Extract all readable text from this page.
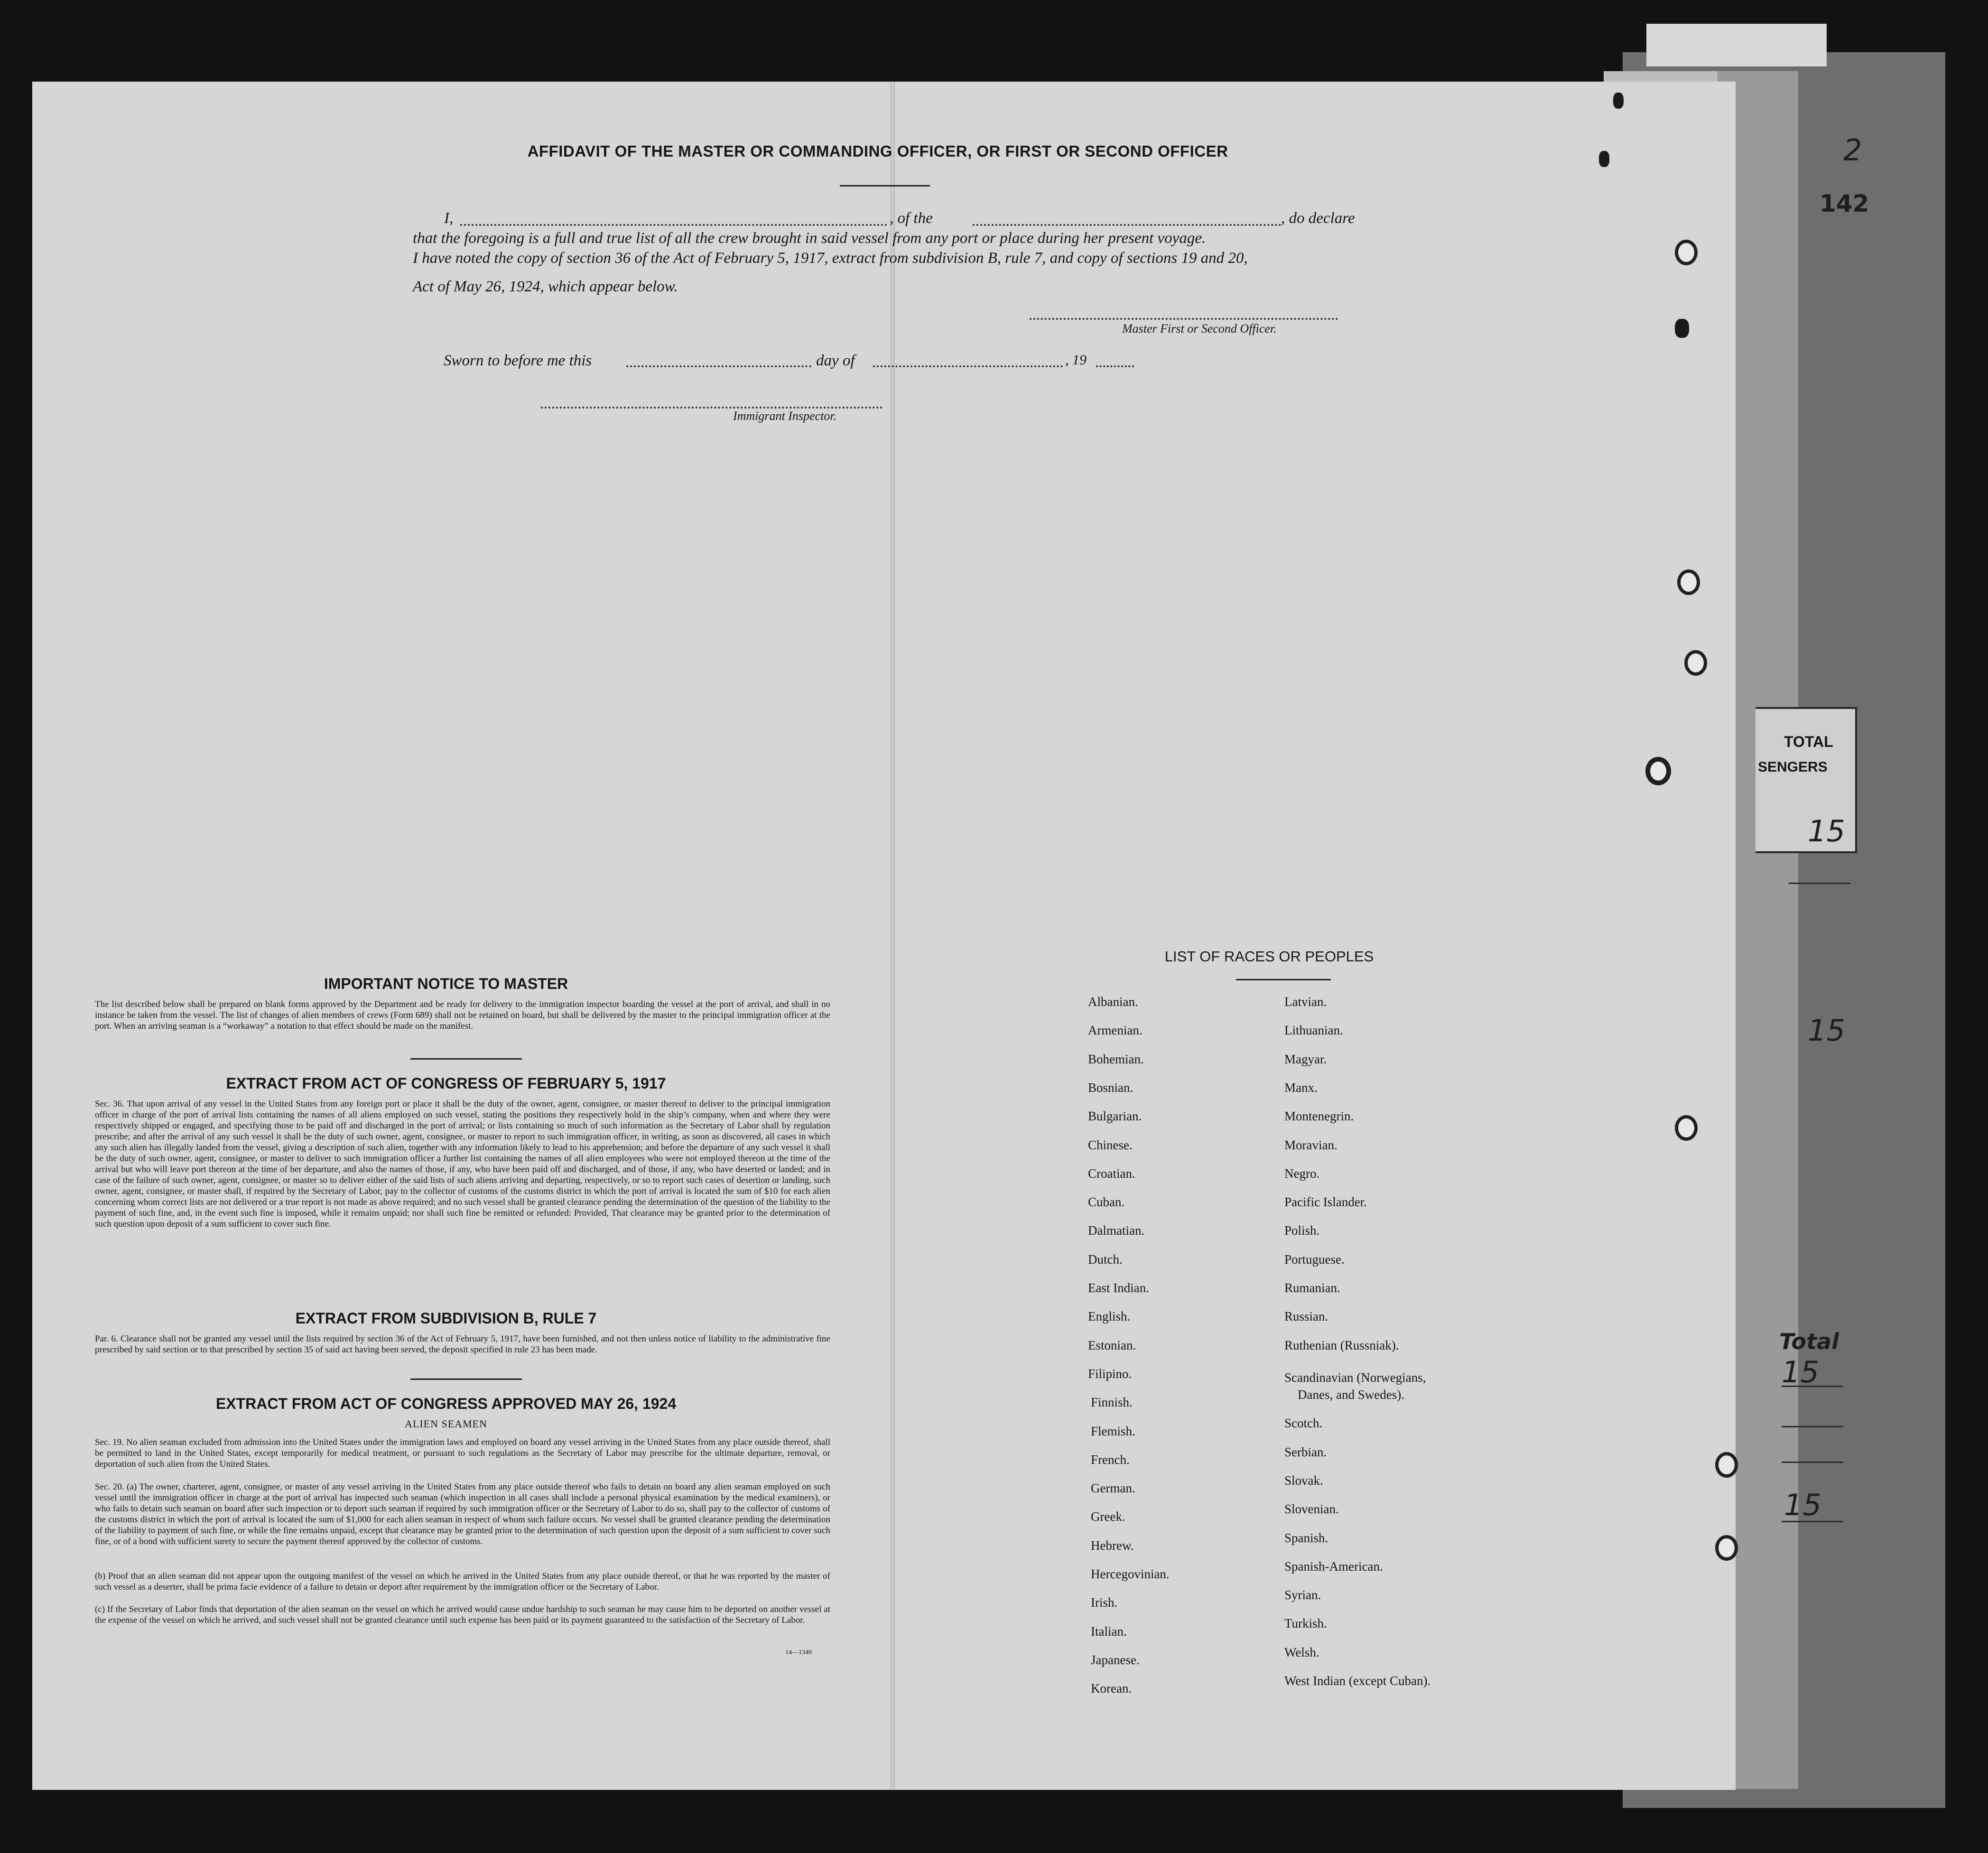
142
2
TOTAL
SENGERS
15
15
Total
15
15
AFFIDAVIT OF THE MASTER OR COMMANDING OFFICER, OR FIRST OR SECOND OFFICER
I,	, of the	, do declare
that the foregoing is a full and true list of all the crew brought in said vessel from any port or place during her present voyage.
I have noted the copy of section 36 of the Act of February 5, 1917, extract from subdivision B, rule 7, and copy of sections 19 and 20,
Act of May 26, 1924, which appear below.
Master First or Second Officer.
Sworn to before me this	day of	, 19
Immigrant Inspector.
IMPORTANT NOTICE TO MASTER
The list described below shall be prepared on blank forms approved by the Department and be ready for delivery to the immigration inspector boarding the vessel at the port of arrival, and shall in no instance be taken from the vessel. The list of changes of alien members of crews (Form 689) shall not be retained on board, but shall be delivered by the master to the principal immigration officer at the port. When an arriving seaman is a “workaway” a notation to that effect should be made on the manifest.
EXTRACT FROM ACT OF CONGRESS OF FEBRUARY 5, 1917
Sec. 36. That upon arrival of any vessel in the United States from any foreign port or place it shall be the duty of the owner, agent, consignee, or master thereof to deliver to the principal immigration officer in charge of the port of arrival lists containing the names of all aliens employed on such vessel, stating the positions they respectively hold in the ship’s company, when and where they were respectively shipped or engaged, and specifying those to be paid off and discharged in the port of arrival; or lists containing so much of such information as the Secretary of Labor shall by regulation prescribe; and after the arrival of any such vessel it shall be the duty of such owner, agent, consignee, or master to report to such immigration officer, in writing, as soon as discovered, all cases in which any such alien has illegally landed from the vessel, giving a description of such alien, together with any information likely to lead to his apprehension; and before the departure of any such vessel it shall be the duty of such owner, agent, consignee, or master to deliver to such immigration officer a further list containing the names of all alien employees who were not employed thereon at the time of the arrival but who will leave port thereon at the time of her departure, and also the names of those, if any, who have been paid off and discharged, and of those, if any, who have deserted or landed; and in case of the failure of such owner, agent, consignee, or master so to deliver either of the said lists of such aliens arriving and departing, respectively, or so to report such cases of desertion or landing, such owner, agent, consignee, or master shall, if required by the Secretary of Labor, pay to the collector of customs of the customs district in which the port of arrival is located the sum of $10 for each alien concerning whom correct lists are not delivered or a true report is not made as above required; and no such vessel shall be granted clearance pending the determination of the question of the liability to the payment of such fine, and, in the event such fine is imposed, while it remains unpaid; nor shall such fine be remitted or refunded: Provided, That clearance may be granted prior to the determination of such question upon deposit of a sum sufficient to cover such fine.
EXTRACT FROM SUBDIVISION B, RULE 7
Par. 6. Clearance shall not be granted any vessel until the lists required by section 36 of the Act of February 5, 1917, have been furnished, and not then unless notice of liability to the administrative fine prescribed by said section or to that prescribed by section 35 of said act having been served, the deposit specified in rule 23 has been made.
EXTRACT FROM ACT OF CONGRESS APPROVED MAY 26, 1924
ALIEN SEAMEN
Sec. 19. No alien seaman excluded from admission into the United States under the immigration laws and employed on board any vessel arriving in the United States from any place outside thereof, shall be permitted to land in the United States, except temporarily for medical treatment, or pursuant to such regulations as the Secretary of Labor may prescribe for the ultimate departure, removal, or deportation of such alien from the United States.
Sec. 20. (a) The owner, charterer, agent, consignee, or master of any vessel arriving in the United States from any place outside thereof who fails to detain on board any alien seaman employed on such vessel until the immigration officer in charge at the port of arrival has inspected such seaman (which inspection in all cases shall include a personal physical examination by the medical examiners), or who fails to detain such seaman on board after such inspection or to deport such seaman if required by such immigration officer or the Secretary of Labor to do so, shall pay to the collector of customs of the customs district in which the port of arrival is located the sum of $1,000 for each alien seaman in respect of whom such failure occurs. No vessel shall be granted clearance pending the determination of the liability to payment of such fine, or while the fine remains unpaid, except that clearance may be granted prior to the determination of such question upon the deposit of a sum sufficient to cover such fine, or of a bond with sufficient surety to secure the payment thereof approved by the collector of customs.
(b) Proof that an alien seaman did not appear upon the outgoing manifest of the vessel on which he arrived in the United States from any place outside thereof, or that he was reported by the master of such vessel as a deserter, shall be prima facie evidence of a failure to detain or deport after requirement by the immigration officer or the Secretary of Labor.
(c) If the Secretary of Labor finds that deportation of the alien seaman on the vessel on which he arrived would cause undue hardship to such seaman he may cause him to be deported on another vessel at the expense of the vessel on which he arrived, and such vessel shall not be granted clearance until such expense has been paid or its payment guaranteed to the satisfaction of the Secretary of Labor.
14—1340
LIST OF RACES OR PEOPLES
Albanian.
Armenian.
Bohemian.
Bosnian.
Bulgarian.
Chinese.
Croatian.
Cuban.
Dalmatian.
Dutch.
East Indian.
English.
Estonian.
Filipino.
Finnish.
Flemish.
French.
German.
Greek.
Hebrew.
Hercegovinian.
Irish.
Italian.
Japanese.
Korean.
Latvian.
Lithuanian.
Magyar.
Manx.
Montenegrin.
Moravian.
Negro.
Pacific Islander.
Polish.
Portuguese.
Rumanian.
Russian.
Ruthenian (Russniak).
Scandinavian (Norwegians,
Danes, and Swedes).
Scotch.
Serbian.
Slovak.
Slovenian.
Spanish.
Spanish-American.
Syrian.
Turkish.
Welsh.
West Indian (except Cuban).
